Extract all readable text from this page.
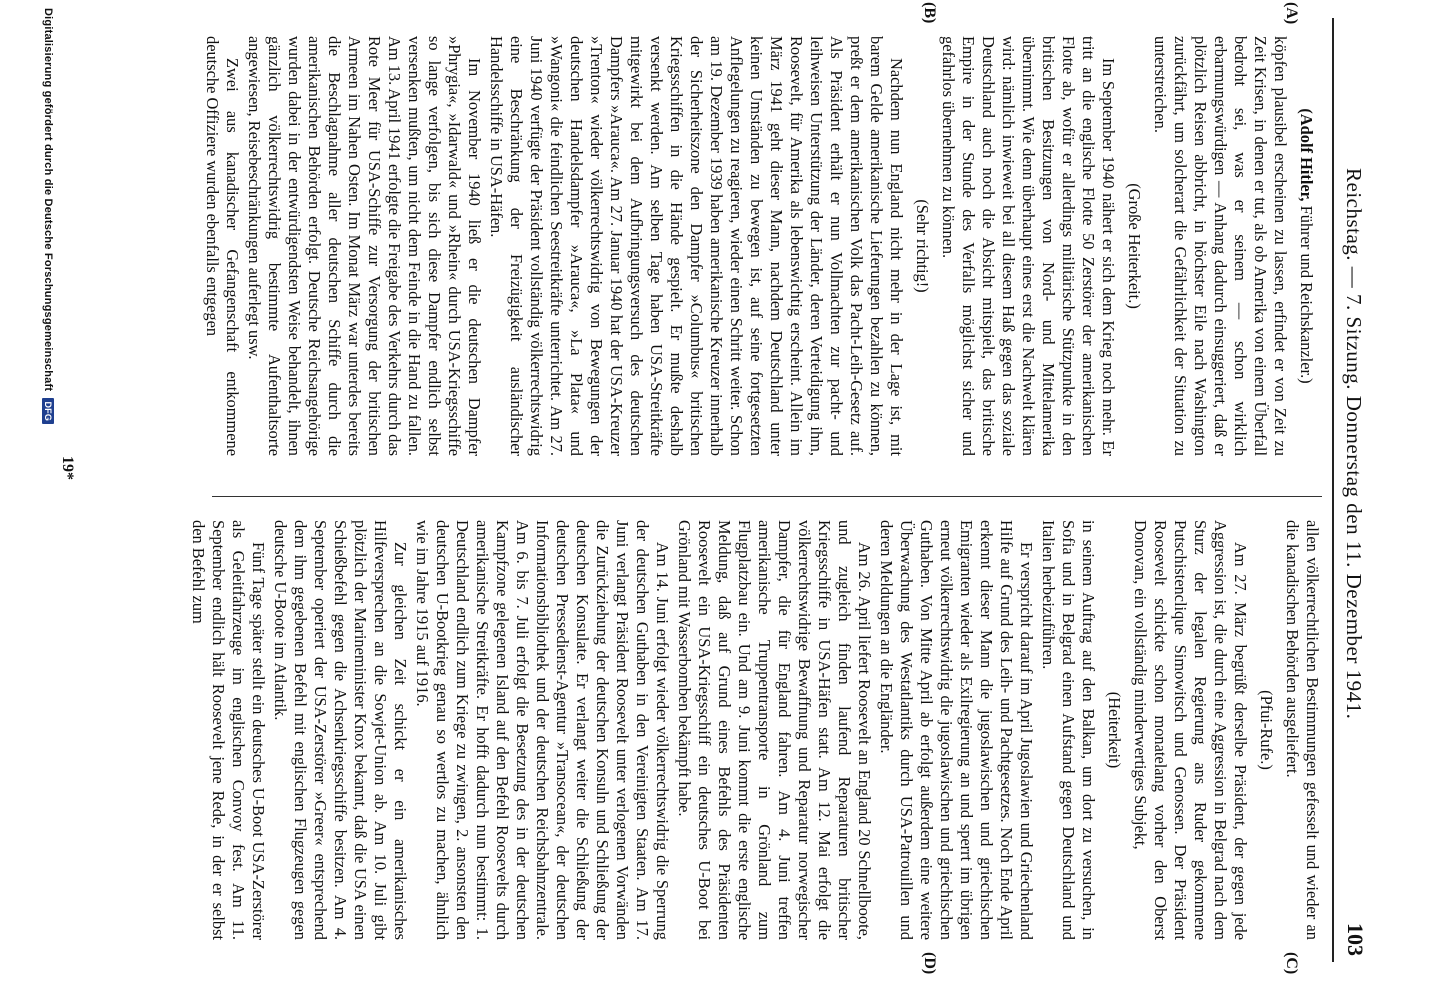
Reichstag. — 7. Sitzung. Donnerstag den 11. Dezember 1941.
103
(A)
(B)
(C)
(D)

(Adolf Hitler, Führer und Reichskanzler.)

köpfen plausibel erscheinen zu lassen, erfindet er von Zeit zu Zeit Krisen, in denen er tut, als ob Amerika von einem Überfall bedroht sei, was er seinem — schon wirklich erbarmungswürdigen — Anhang dadurch einsuggeriert, daß er plötzlich Reisen abbricht, in höchster Eile nach Washington zurückfährt, um solcherart die Gefährlichkeit der Situation zu unterstreichen.

(Große Heiterkeit.)

Im September 1940 nähert er sich dem Krieg noch mehr. Er tritt an die englische Flotte 50 Zerstörer der amerikanischen Flotte ab, wofür er allerdings militärische Stützpunkte in den britischen Besitzungen von Nord- und Mittelamerika übernimmt. Wie denn überhaupt eines erst die Nachwelt klären wird: nämlich inwieweit bei all diesem Haß gegen das soziale Deutschland auch noch die Absicht mitspielt, das britische Empire in der Stunde des Verfalls möglichst sicher und gefahrlos übernehmen zu können.

(Sehr richtig!)

Nachdem nun England nicht mehr in der Lage ist, mit barem Gelde amerikanische Lieferungen bezahlen zu können, preßt er dem amerikanischen Volk das Pacht-Leih-Gesetz auf. Als Präsident erhält er nun Vollmachten zur pacht- und leihweisen Unterstützung der Länder, deren Verteidigung ihm, Roosevelt, für Amerika als lebenswichtig erscheint. Allein im März 1941 geht dieser Mann, nachdem Deutschland unter keinen Umständen zu bewegen ist, auf seine fortgesetzten Anflegelungen zu reagieren, wieder einen Schritt weiter. Schon am 19. Dezember 1939 haben amerikanische Kreuzer innerhalb der Sicherheitszone den Dampfer »Columbus« britischen Kriegsschiffen in die Hände gespielt. Er mußte deshalb versenkt werden. Am selben Tage haben USA-Streitkräfte mitgewirkt bei dem Aufbringungsversuch des deutschen Dampfers »Arauca«. Am 27. Januar 1940 hat der USA-Kreuzer »Trenton« wieder völkerrechtswidrig von Bewegungen der deutschen Handelsdampfer »Arauca«, »La Plata« und »Wangoni« die feindlichen Seestreitkräfte unterrichtet. Am 27. Juni 1940 verfügte der Präsident vollständig völkerrechtswidrig eine Beschränkung der Freizügigkeit ausländischer Handelsschiffe in USA-Häfen.

Im November 1940 ließ er die deutschen Dampfer »Phrygia«, »Idarwald« und »Rhein« durch USA-Kriegsschiffe so lange verfolgen, bis sich diese Dampfer endlich selbst versenken mußten, um nicht dem Feinde in die Hand zu fallen. Am 13. April 1941 erfolgte die Freigabe des Verkehrs durch das Rote Meer für USA-Schiffe zur Versorgung der britischen Armeen im Nahen Osten. Im Monat März war unterdes bereits die Beschlagnahme aller deutschen Schiffe durch die amerikanischen Behörden erfolgt. Deutsche Reichsangehörige wurden dabei in der entwürdigendsten Weise behandelt, ihnen gänzlich völkerrechtswidrig bestimmte Aufenthaltsorte angewiesen, Reisebeschränkungen auferlegt usw.

Zwei aus kanadischer Gefangenschaft entkommene deutsche Offiziere wurden ebenfalls entgegen

allen völkerrechtlichen Bestimmungen gefesselt und wieder an die kanadischen Behörden ausgeliefert.

(Pfui-Rufe.)

Am 27. März begrüßt derselbe Präsident, der gegen jede Aggression ist, die durch eine Aggression in Belgrad nach dem Sturz der legalen Regierung ans Ruder gekommene Putschistenclique Simowitsch und Genossen. Der Präsident Roosevelt schickte schon monatelang vorher den Oberst Donovan, ein vollständig minderwertiges Subjekt,

(Heiterkeit)

in seinem Auftrag auf den Balkan, um dort zu versuchen, in Sofia und in Belgrad einen Aufstand gegen Deutschland und Italien herbeizuführen.

Er verspricht darauf im April Jugoslawien und Griechenland Hilfe auf Grund des Leih- und Pachtgesetzes. Noch Ende April erkennt dieser Mann die jugoslawischen und griechischen Emigranten wieder als Exilregierung an und sperrt im übrigen erneut völkerrechtswidrig die jugoslawischen und griechischen Guthaben. Von Mitte April ab erfolgt außerdem eine weitere Überwachung des Westatlantiks durch USA-Patrouillen und deren Meldungen an die Engländer.

Am 26. April liefert Roosevelt an England 20 Schnellboote, und zugleich finden laufend Reparaturen britischer Kriegsschiffe in USA-Häfen statt. Am 12. Mai erfolgt die völkerrechtswidrige Bewaffnung und Reparatur norwegischer Dampfer, die für England fahren. Am 4. Juni treffen amerikanische Truppentransporte in Grönland zum Flugplatzbau ein. Und am 9. Juni kommt die erste englische Meldung, daß auf Grund eines Befehls des Präsidenten Roosevelt ein USA-Kriegsschiff ein deutsches U-Boot bei Grönland mit Wasserbomben bekämpft habe.

Am 14. Juni erfolgt wieder völkerrechtswidrig die Sperrung der deutschen Guthaben in den Vereinigten Staaten. Am 17. Juni verlangt Präsident Roosevelt unter verlogenen Vorwänden die Zurückziehung der deutschen Konsuln und Schließung der deutschen Konsulate. Er verlangt weiter die Schließung der deutschen Pressedienst-Agentur »Transocean«, der deutschen Informationsbibliothek und der deutschen Reichsbahnzentrale. Am 6. bis 7. Juli erfolgt die Besetzung des in der deutschen Kampfzone gelegenen Island auf den Befehl Roosevelts durch amerikanische Streitkräfte. Er hofft dadurch nun bestimmt: 1. Deutschland endlich zum Kriege zu zwingen, 2. ansonsten den deutschen U-Bootkrieg genau so wertlos zu machen, ähnlich wie im Jahre 1915 auf 1916.

Zur gleichen Zeit schickt er ein amerikanisches Hilfeversprechen an die Sowjet-Union ab. Am 10. Juli gibt plötzlich der Marineminister Knox bekannt, daß die USA einen Schießbefehl gegen die Achsenkriegsschiffe besitzen. Am 4. September operiert der USA-Zerstörer »Greer« entsprechend dem ihm gegebenen Befehl mit englischen Flugzeugen gegen deutsche U-Boote im Atlantik.

Fünf Tage später stellt ein deutsches U-Boot USA-Zerstörer als Geleitfahrzeuge im englischen Convoy fest. Am 11. September endlich hält Roosevelt jene Rede, in der er selbst den Befehl zum

19*
Digitalisierung gefördert durch die Deutsche Forschungsgemeinschaft DFG
